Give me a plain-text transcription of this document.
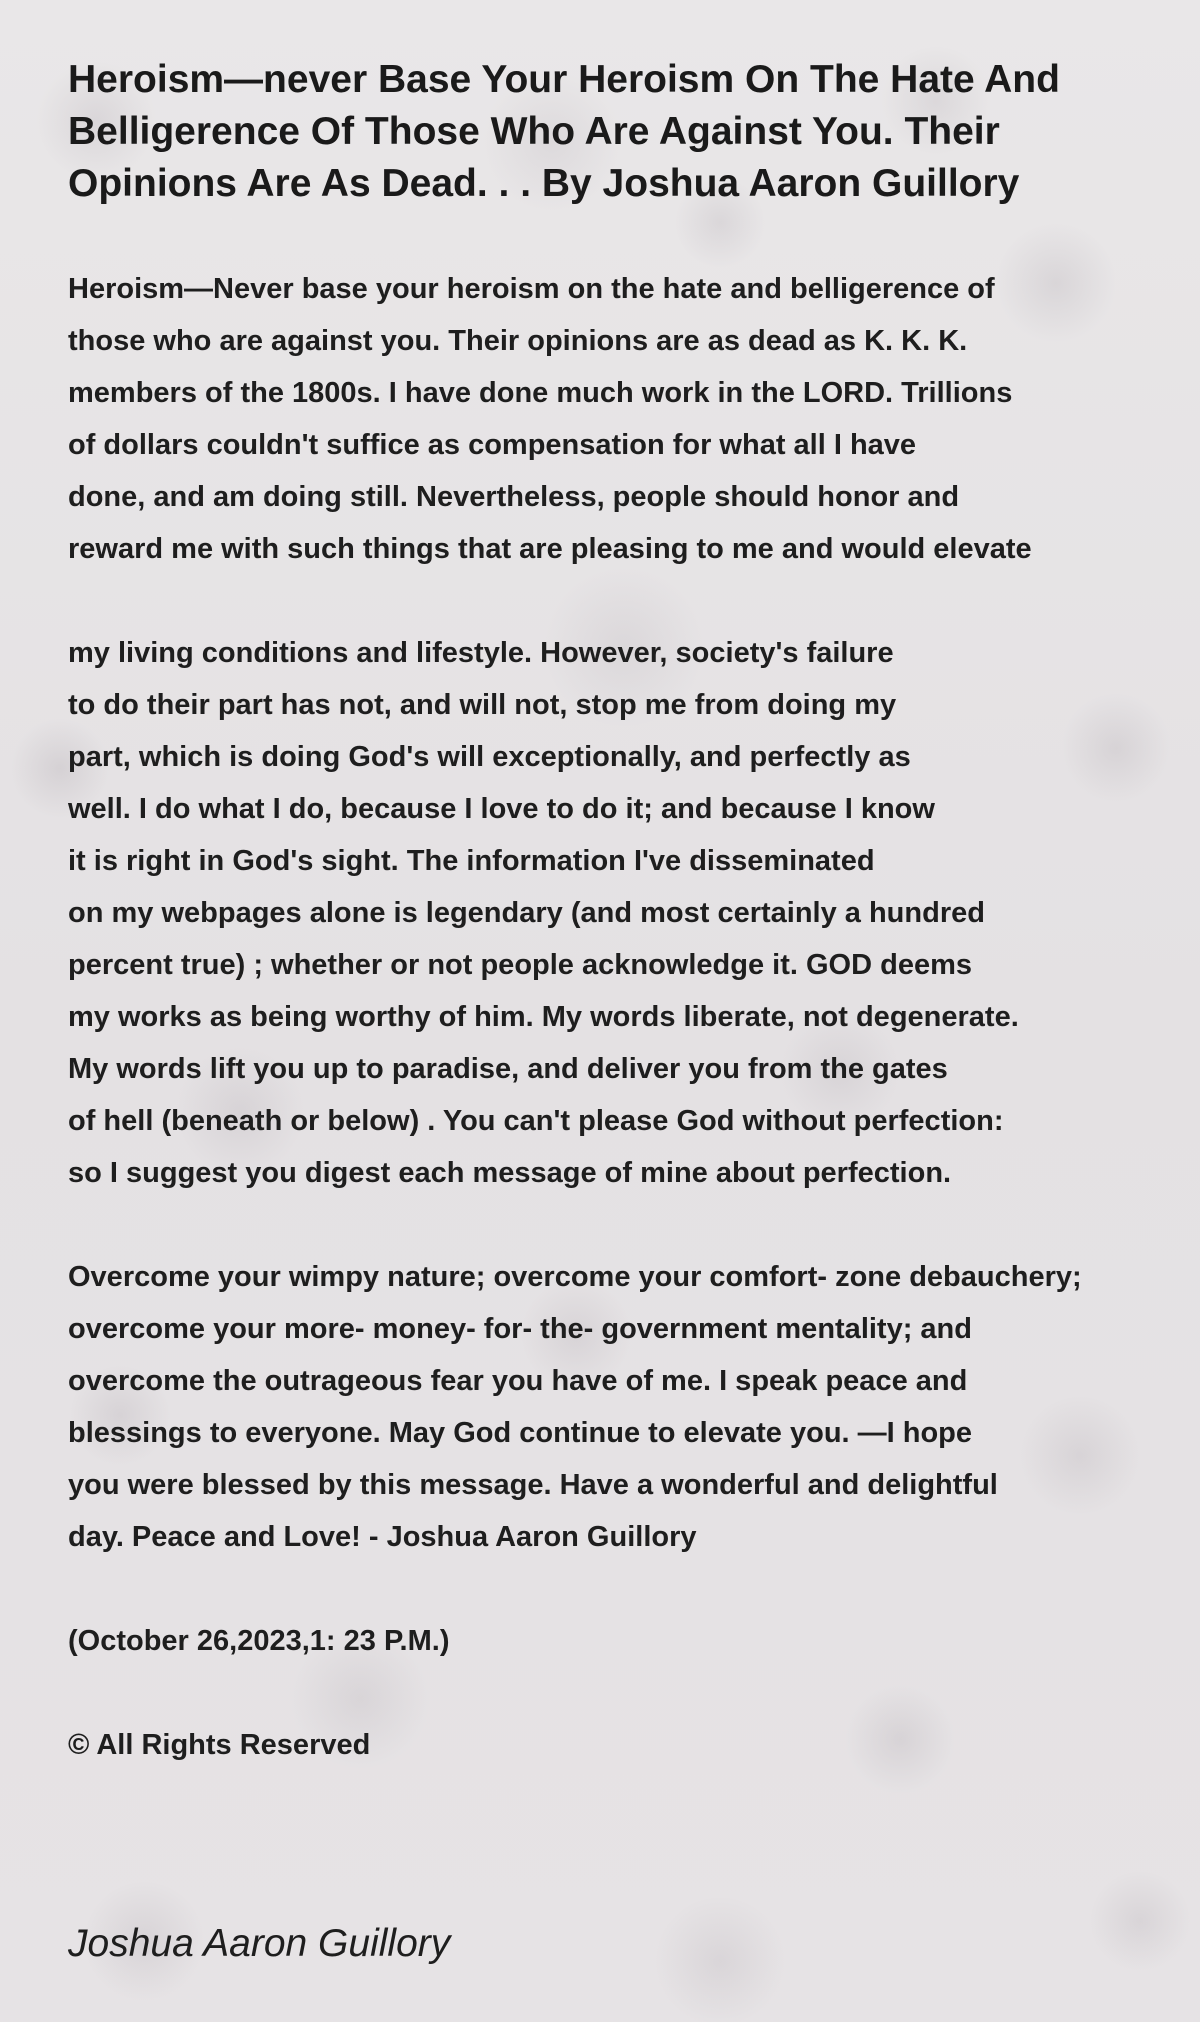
Heroism—never Base Your Heroism On The Hate And Belligerence Of Those Who Are Against You. Their Opinions Are As Dead. . . By Joshua Aaron Guillory

Heroism—Never base your heroism on the hate and belligerence of
those who are against you. Their opinions are as dead as K. K. K.
members of the 1800s. I have done much work in the LORD. Trillions
of dollars couldn't suffice as compensation for what all I have
done, and am doing still. Nevertheless, people should honor and
reward me with such things that are pleasing to me and would elevate

my living conditions and lifestyle. However, society's failure
to do their part has not, and will not, stop me from doing my
part, which is doing God's will exceptionally, and perfectly as
well. I do what I do, because I love to do it; and because I know
it is right in God's sight. The information I've disseminated
on my webpages alone is legendary (and most certainly a hundred
percent true) ; whether or not people acknowledge it. GOD deems
my works as being worthy of him. My words liberate, not degenerate.
My words lift you up to paradise, and deliver you from the gates
of hell (beneath or below) . You can't please God without perfection:
so I suggest you digest each message of mine about perfection.

Overcome your wimpy nature; overcome your comfort- zone debauchery;
overcome your more- money- for- the- government mentality; and
overcome the outrageous fear you have of me. I speak peace and
blessings to everyone. May God continue to elevate you. —I hope
you were blessed by this message. Have a wonderful and delightful
day. Peace and Love! - Joshua Aaron Guillory

(October 26,2023,1: 23 P.M.)
© All Rights Reserved
Joshua Aaron Guillory
